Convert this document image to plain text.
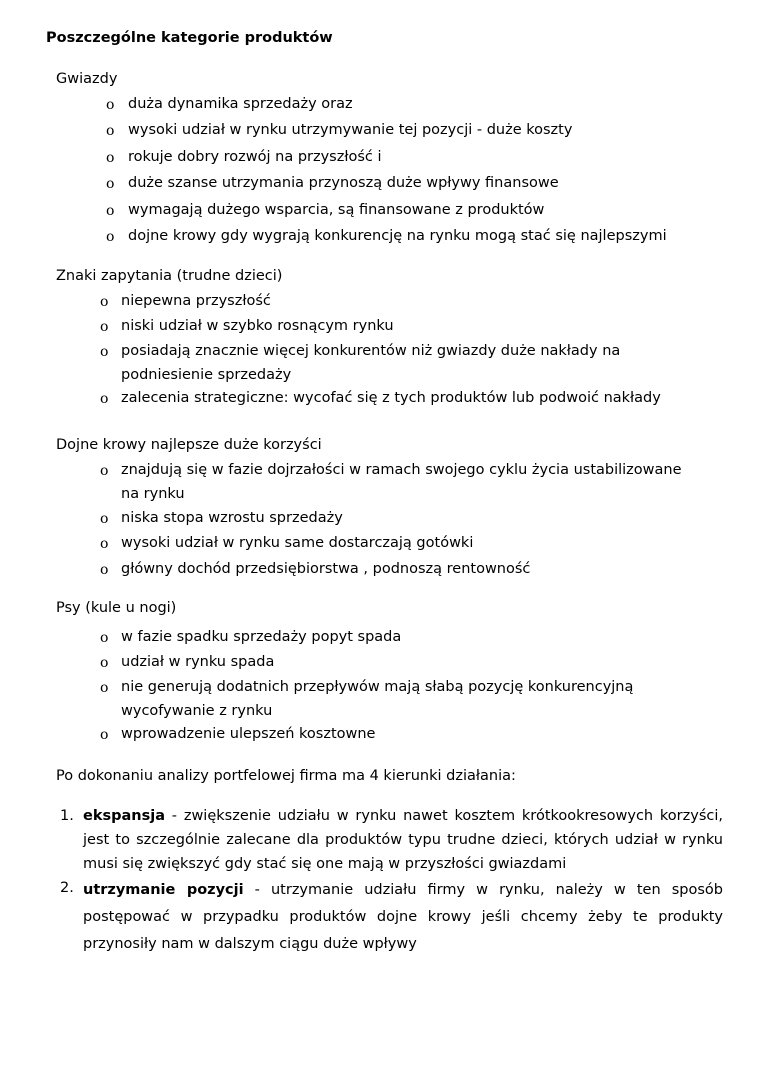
Poszczególne kategorie produktów
Gwiazdy
o duża dynamika sprzedaży oraz
o wysoki udział w rynku utrzymywanie tej pozycji - duże koszty
o rokuje dobry rozwój na przyszłość i
o duże szanse utrzymania przynoszą duże wpływy finansowe
o wymagają dużego wsparcia, są finansowane z produktów
o dojne krowy gdy wygrają konkurencję na rynku mogą stać się najlepszymi
Znaki zapytania (trudne dzieci)
o niepewna przyszłość
o niski udział w szybko rosnącym rynku
o posiadają znacznie więcej konkurentów niż gwiazdy duże nakłady na podniesienie sprzedaży
o zalecenia strategiczne: wycofać się z tych produktów lub podwoić nakłady
Dojne krowy najlepsze duże korzyści
o znajdują się w fazie dojrzałości w ramach swojego cyklu życia ustabilizowane na rynku
o niska stopa wzrostu sprzedaży
o wysoki udział w rynku same dostarczają gotówki
o główny dochód przedsiębiorstwa , podnoszą rentowność
Psy (kule u nogi)
o w fazie spadku sprzedaży popyt spada
o udział w rynku spada
o nie generują dodatnich przepływów mają słabą pozycję konkurencyjną wycofywanie z rynku
o wprowadzenie ulepszeń kosztowne
Po dokonaniu analizy portfelowej firma ma 4 kierunki działania:
1. ekspansja - zwiększenie udziału w rynku nawet kosztem krótkookresowych korzyści, jest to szczególnie zalecane dla produktów typu trudne dzieci, których udział w rynku musi się zwiększyć gdy stać się one mają w przyszłości gwiazdami
2. utrzymanie pozycji - utrzymanie udziału firmy w rynku, należy w ten sposób postępować w przypadku produktów dojne krowy jeśli chcemy żeby te produkty przynosiły nam w dalszym ciągu duże wpływy
